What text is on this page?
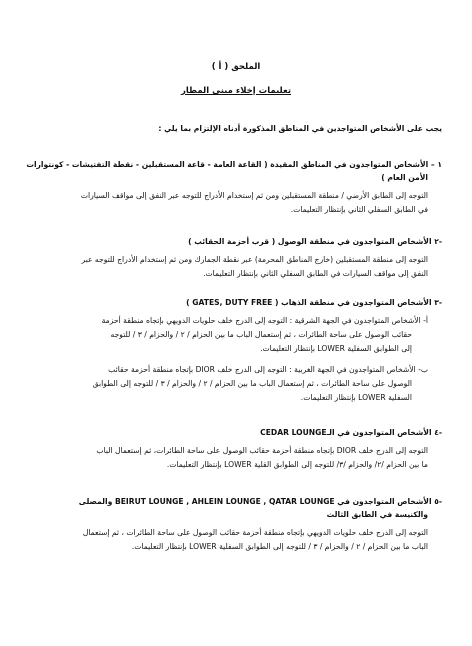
الملحق ( أ )
تعليمات إخلاء مبنى المطار
يجب على الأشخاص المتواجدين في المناطق المذكورة أدناه الإلتزام بما يلي :
١ – الأشخاص المتواجدون في المناطق المقيدة ( القاعة العامة - قاعة المستقبلين - نقطة التفتيشات - كونتوارات
الأمن العام )
التوجه إلى الطابق الأرضي / منطقة المستقبلين ومن ثم إستخدام الأدراج للتوجه عبر النفق إلى مواقف السيارات
في الطابق السفلي الثاني بإنتظار التعليمات.
-٢ الأشخاص المتواجدون في منطقة الوصول ( قرب أحزمة الحقائب )
التوجه إلى منطقة المستقبلين (خارج المناطق المحرمة) عبر نقطة الجمارك ومن ثم إستخدام الأدراج للتوجه عبر
النفق إلى مواقف السيارات في الطابق السفلي الثاني بإنتظار التعليمات.
-٣ الأشخاص المتواجدون في منطقة الذهاب ( GATES, DUTY FREE )
أ- الأشخاص المتواجدون في الجهة الشرقية : التوجه إلى الدرج خلف حلويات الدويهي بإتجاه منطقة أحزمة
حقائب الوصول على ساحة الطائرات ، ثم إستعمال الباب ما بين الحزام / ٢ / والحزام / ٣ / للتوجه
إلى الطوابق السفلية LOWER بإنتظار التعليمات.
ب- الأشخاص المتواجدون في الجهة الغربية : التوجه إلى الدرج خلف DIOR بإتجاه منطقة أحزمة حقائب
الوصول على ساحة الطائرات ، ثم إستعمال الباب ما بين الحزام / ٢ / والحزام / ٣ / للتوجه إلى الطوابق
السفلية LOWER بإنتظار التعليمات.
-٤ الأشخاص المتواجدون في الـCEDAR LOUNGE
التوجه إلى الدرج خلف DIOR بإتجاه منطقة أحزمة حقائب الوصول على ساحة الطائرات، ثم إستعمال الباب
ما بين الحزام /٢/ والحزام /٣/ للتوجه إلى الطوابق القلية LOWER بإنتظار التعليمات.
-٥ الأشخاص المتواجدون في BEIRUT LOUNGE , AHLEIN LOUNGE , QATAR LOUNGE والمصلى
والكنيسة في الطابق الثالث
التوجه إلى الدرج خلف حلويات الدويهي بإتجاه منطقة أحزمة حقائب الوصول على ساحة الطائرات ، ثم إستعمال
الباب ما بين الحزام / ٢ / والحزام / ٣ / للتوجه إلى الطوابق السفلية LOWER بإنتظار التعليمات.
